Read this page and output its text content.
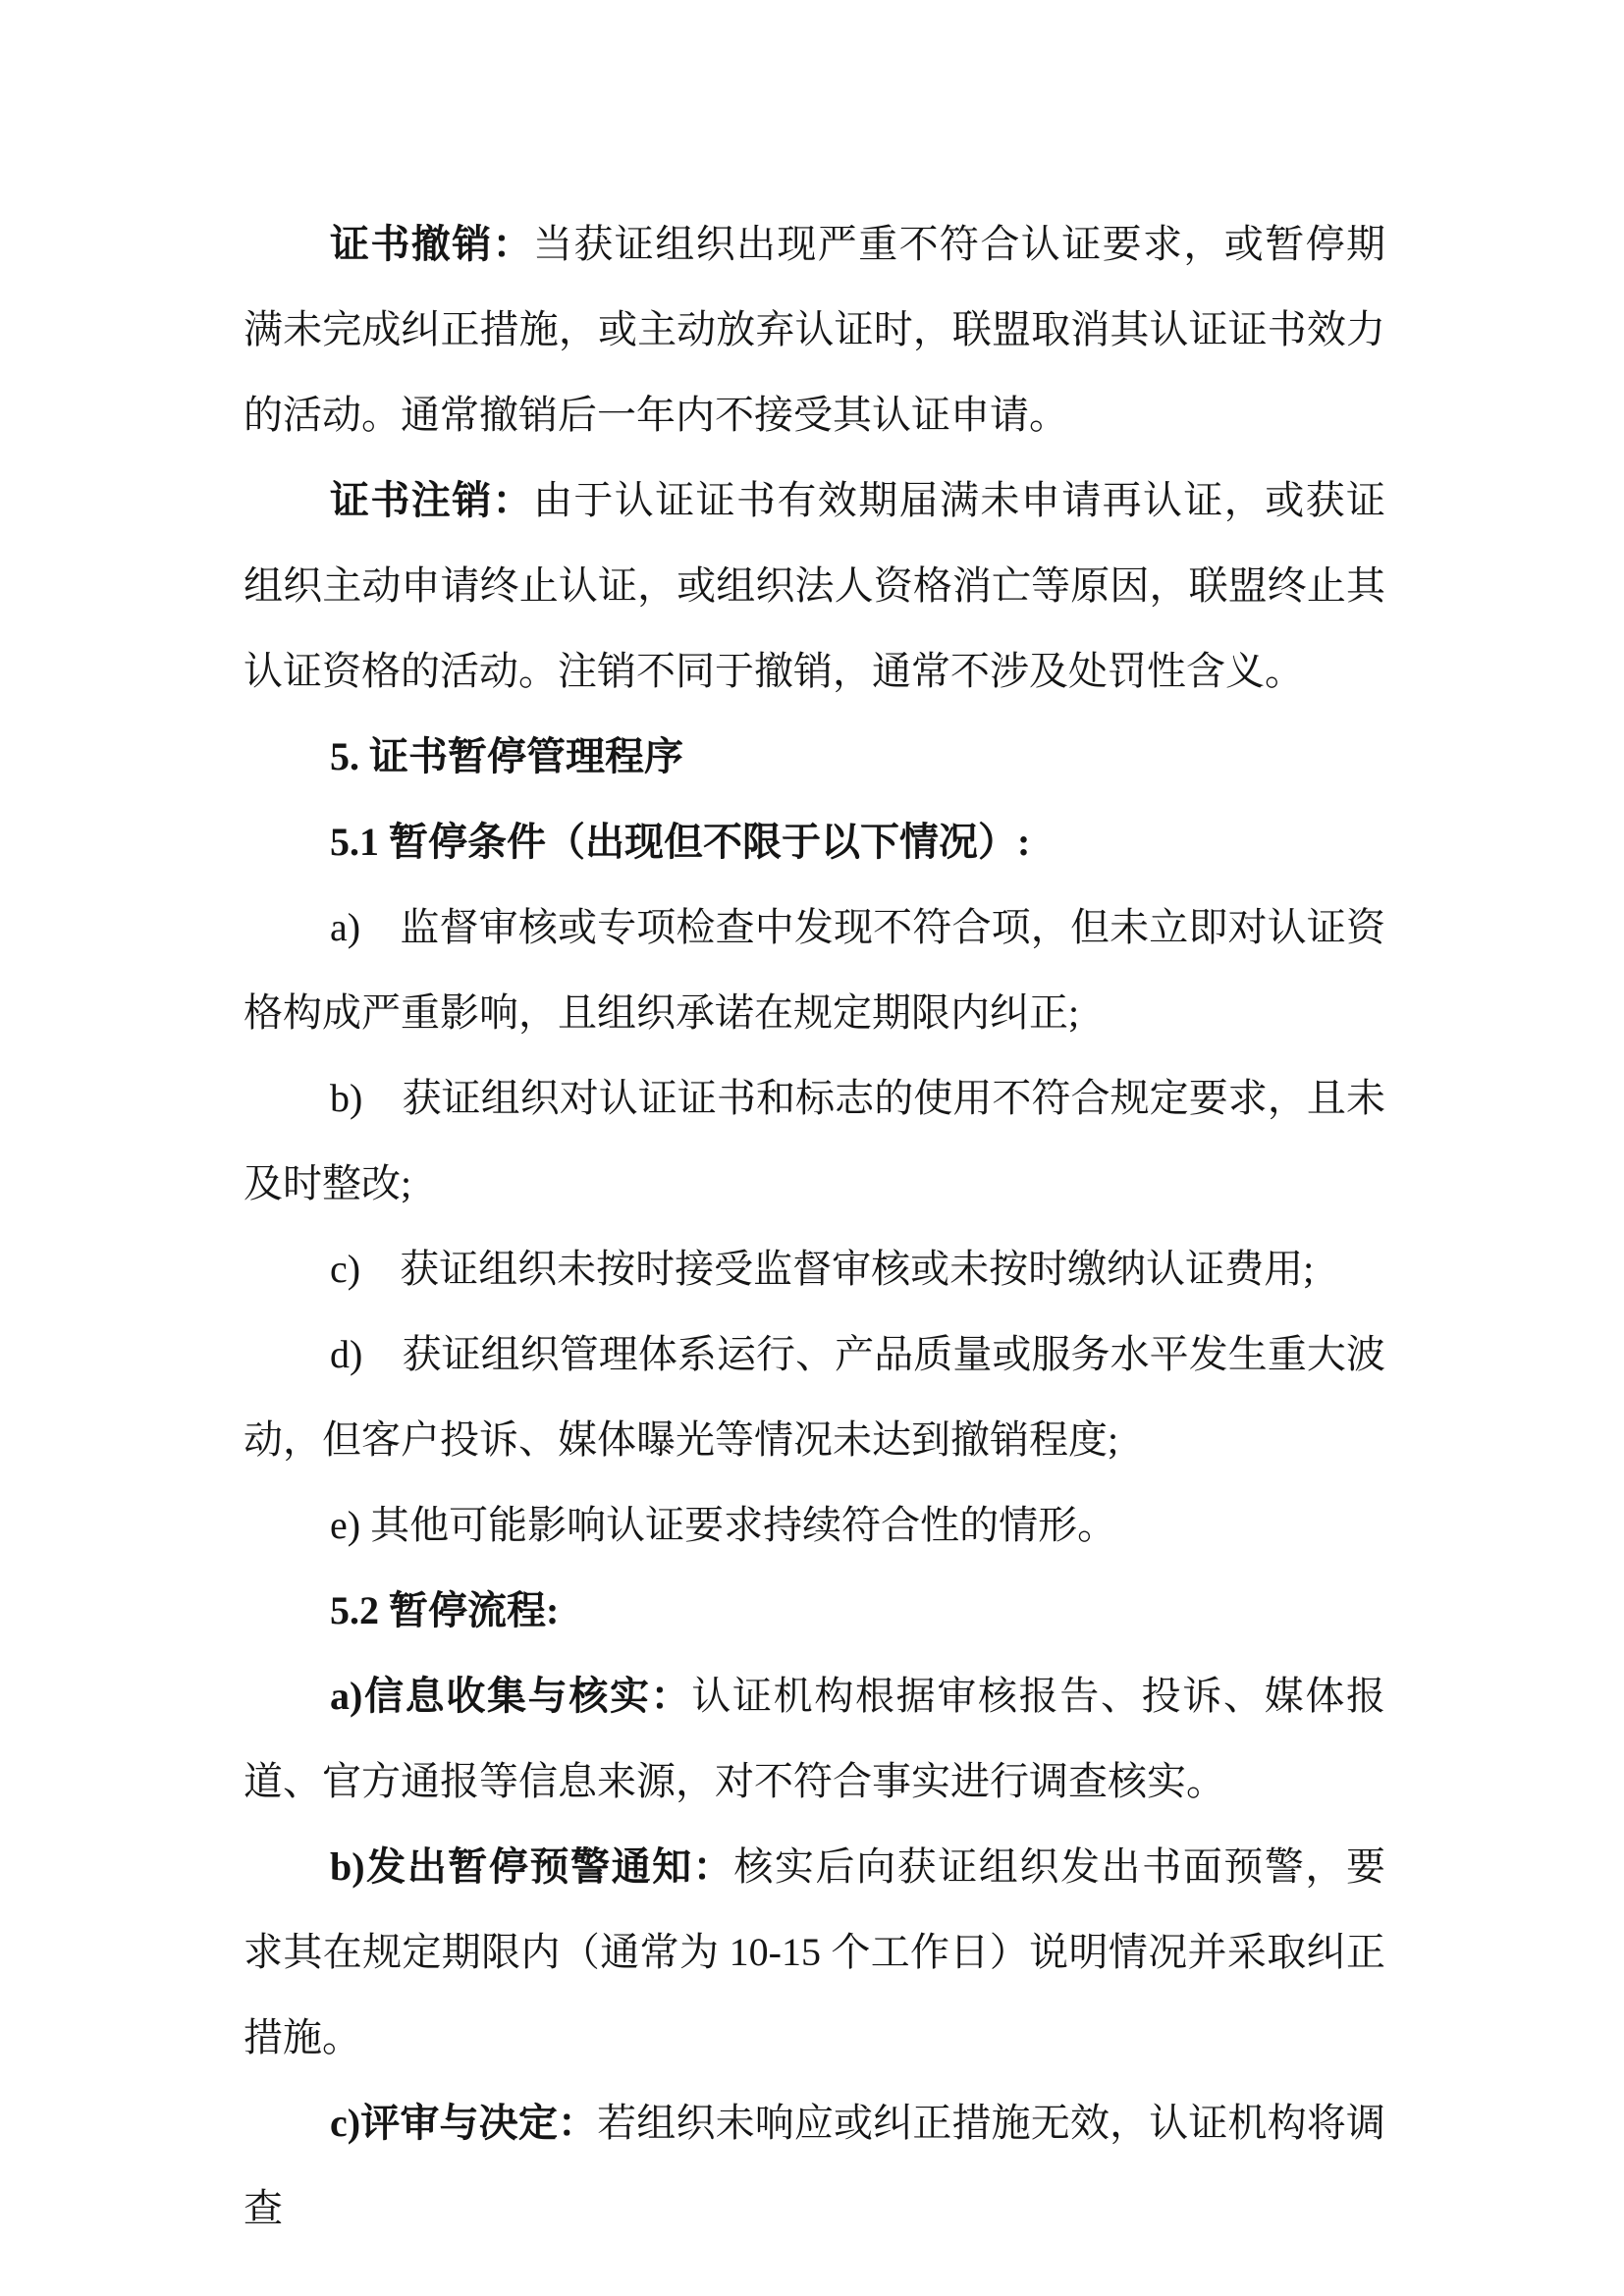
证书撤销：当获证组织出现严重不符合认证要求，或暂停期满未完成纠正措施，或主动放弃认证时，联盟取消其认证证书效力的活动。通常撤销后一年内不接受其认证申请。

证书注销：由于认证证书有效期届满未申请再认证，或获证组织主动申请终止认证，或组织法人资格消亡等原因，联盟终止其认证资格的活动。注销不同于撤销，通常不涉及处罚性含义。

5. 证书暂停管理程序

5.1 暂停条件（出现但不限于以下情况）:

a)　监督审核或专项检查中发现不符合项，但未立即对认证资格构成严重影响，且组织承诺在规定期限内纠正;

b)　获证组织对认证证书和标志的使用不符合规定要求，且未及时整改;

c)　获证组织未按时接受监督审核或未按时缴纳认证费用;

d)　获证组织管理体系运行、产品质量或服务水平发生重大波动，但客户投诉、媒体曝光等情况未达到撤销程度;

e) 其他可能影响认证要求持续符合性的情形。

5.2 暂停流程:

a)信息收集与核实：认证机构根据审核报告、投诉、媒体报道、官方通报等信息来源，对不符合事实进行调查核实。

b)发出暂停预警通知：核实后向获证组织发出书面预警，要求其在规定期限内（通常为 10-15 个工作日）说明情况并采取纠正措施。

c)评审与决定：若组织未响应或纠正措施无效，认证机构将调查
